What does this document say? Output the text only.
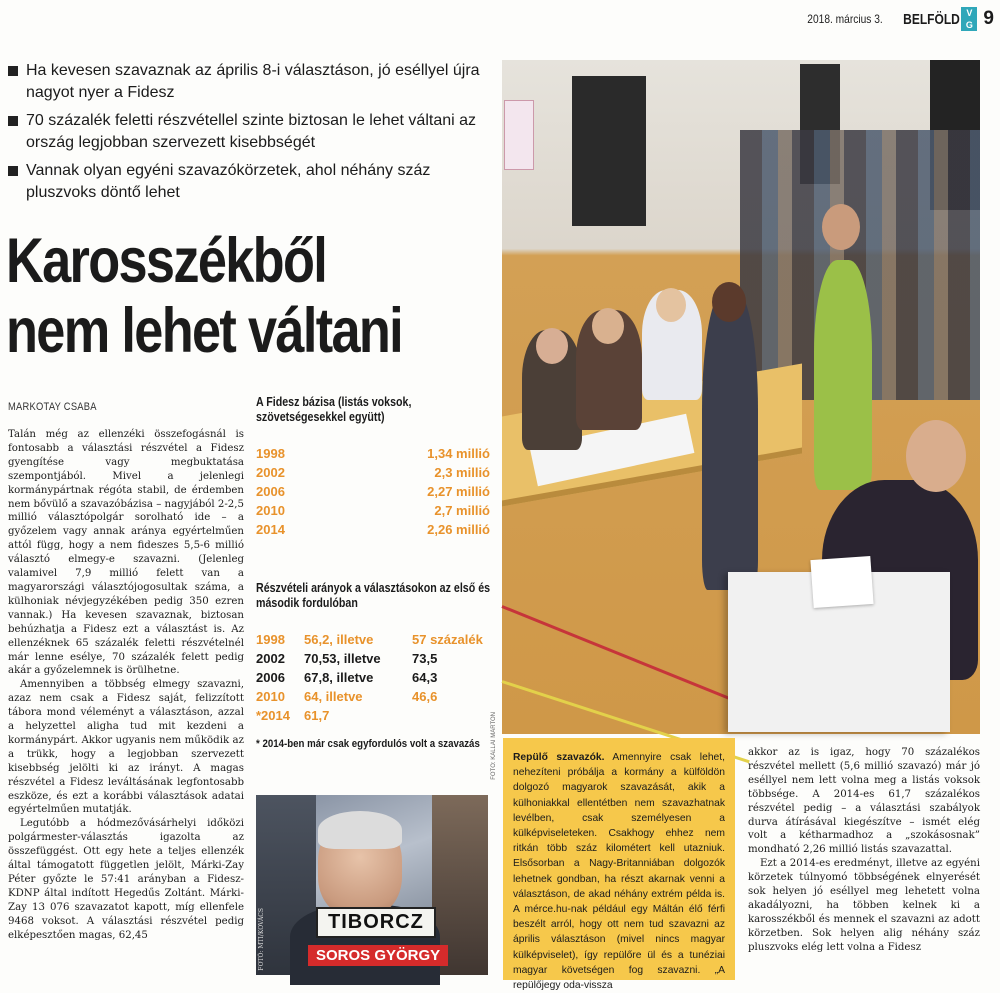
2018. március 3. BELFÖLD V
G 9
Ha kevesen szavaznak az április 8-i választáson, jó eséllyel újra nagyot nyer a Fidesz
70 százalék feletti részvétellel szinte biztosan le lehet váltani az ország legjobban szervezett kisebbségét
Vannak olyan egyéni szavazókörzetek, ahol néhány száz pluszvoks döntő lehet
Karosszékből
nem lehet váltani
MARKOTAY CSABA

Talán még az ellenzéki összefogásnál is fontosabb a választási részvétel a Fidesz gyengítése vagy megbuktatása szempontjából. Mivel a jelenlegi kormánypártnak régóta stabil, de érdemben nem bővülő a szavazóbázisa – nagyjából 2-2,5 millió választópolgár sorolható ide – a győzelem vagy annak aránya egyértelműen attól függ, hogy a nem fideszes 5,5-6 millió választó elmegy-e szavazni. (Jelenleg valamivel 7,9 millió felett van a magyarországi választójogosultak száma, a külhoniak névjegyzékében pedig 350 ezren vannak.) Ha kevesen szavaznak, biztosan behúzhatja a Fidesz ezt a választást is. Az ellenzéknek 65 százalék feletti részvételnél már lenne esélye, 70 százalék felett pedig akár a győzelemnek is örülhetne.

Amennyiben a többség elmegy szavazni, azaz nem csak a Fidesz saját, felizzított tábora mond véleményt a választáson, azzal a helyzettel aligha tud mit kezdeni a kormánypárt. Akkor ugyanis nem működik az a trükk, hogy a legjobban szervezett kisebbség jelölti ki az irányt. A magas részvétel a Fidesz leváltásának legfontosabb eszköze, és ezt a korábbi választások adatai egyértelműen mutatják.

Legutóbb a hódmezővásárhelyi időközi polgármester-választás igazolta az összefüggést. Ott egy hete a teljes ellenzék által támogatott független jelölt, Márki-Zay Péter győzte le 57:41 arányban a Fidesz-KDNP által indított Hegedűs Zoltánt. Márki-Zay 13 076 szavazatot kapott, míg ellenfele 9468 voksot. A választási részvétel pedig elképesztően magas, 62,45

A Fidesz bázisa (listás voksok, szövetségesekkel együtt)
1998	1,34 millió
2002	2,3 millió
2006	2,27 millió
2010	2,7 millió
2014	2,26 millió
Részvételi arányok a választásokon az első és második fordulóban
1998	56,2, illetve	57 százalék
2002	70,53, illetve	73,5
2006	67,8, illetve	64,3
2010	64, illetve	46,6
*2014	61,7
* 2014-ben már csak egyfordulós volt a szavazás
TIBORCZ
SOROS GYÖRGY
FOTÓ: MTI/KOVÁCS
FOTÓ: KÁLLAI MÁRTON	Repülő szavazók. Amennyire csak lehet, nehezíteni próbálja a kormány a külföldön dolgozó magyarok szavazását, akik a külhoniakkal ellentétben nem szavazhatnak levélben, csak személyesen a külképviseleteken. Csakhogy ehhez nem ritkán több száz kilométert kell utazniuk. Elsősorban a Nagy-Britanniában dolgozók lehetnek gondban, ha részt akarnak venni a választáson, de akad néhány extrém példa is. A mérce.hu-nak például egy Máltán élő férfi beszélt arról, hogy ott nem tud szavazni az április választáson (mivel nincs magyar külképviselet), így repülőre ül és a tunéziai magyar követségen fog szavazni. „A repülőjegy oda-vissza

akkor az is igaz, hogy 70 százalékos részvétel mellett (5,6 millió szavazó) már jó eséllyel nem lett volna meg a listás voksok többsége. A 2014-es 61,7 százalékos részvétel pedig – a választási szabályok durva átírásával kiegészítve – ismét elég volt a kétharmadhoz a „szokásosnak” mondható 2,26 millió listás szavazattal.

Ezt a 2014-es eredményt, illetve az egyéni körzetek túlnyomó többségének elnyerését sok helyen jó eséllyel meg lehetett volna akadályozni, ha többen kelnek ki a karosszékből és mennek el szavazni az adott körzetben. Sok helyen alig néhány száz pluszvoks elég lett volna a Fidesz
